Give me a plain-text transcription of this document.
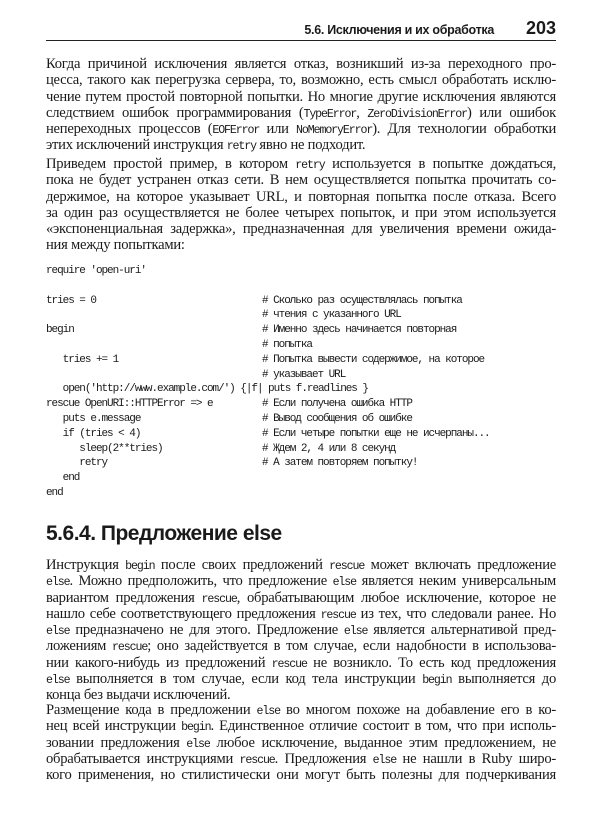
5.6. Исключения и их обработка 203
Когда причиной исключения является отказ, возникший из-за переходного про-
цесса, такого как перегрузка сервера, то, возможно, есть смысл обработать исклю-
чение путем простой повторной попытки. Но многие другие исключения являются
следствием ошибок программирования (TypeError, ZeroDivisionError) или ошибок
непереходных процессов (EOFError или NoMemoryError). Для технологии обработки
этих исключений инструкция retry явно не подходит.
Приведем простой пример, в котором retry используется в попытке дождаться,
пока не будет устранен отказ сети. В нем осуществляется попытка прочитать со-
держимое, на которое указывает URL, и повторная попытка после отказа. Всего
за один раз осуществляется не более четырех попыток, и при этом используется
«экспоненциальная задержка», предназначенная для увеличения времени ожида-
ния между попытками:
require 'open-uri'
tries = 0	# Сколько раз осуществлялась попытка
# чтения с указанного URL
begin	# Именно здесь начинается повторная
# попытка
tries += 1	# Попытка вывести содержимое, на которое
# указывает URL
open('http://www.example.com/') {|f| puts f.readlines }
rescue OpenURI::HTTPError => e	# Если получена ошибка HTTP
puts e.message	# Вывод сообщения об ошибке
if (tries < 4)	# Если четыре попытки еще не исчерпаны...
sleep(2**tries)	# Ждем 2, 4 или 8 секунд
retry	# А затем повторяем попытку!
end
end
5.6.4. Предложение else
Инструкция begin после своих предложений rescue может включать предложение
else. Можно предположить, что предложение else является неким универсальным
вариантом предложения rescue, обрабатывающим любое исключение, которое не
нашло себе соответствующего предложения rescue из тех, что следовали ранее. Но
else предназначено не для этого. Предложение else является альтернативой пред-
ложениям rescue; оно задействуется в том случае, если надобности в использова-
нии какого-нибудь из предложений rescue не возникло. То есть код предложения
else выполняется в том случае, если код тела инструкции begin выполняется до
конца без выдачи исключений.
Размещение кода в предложении else во многом похоже на добавление его в ко-
нец всей инструкции begin. Единственное отличие состоит в том, что при исполь-
зовании предложения else любое исключение, выданное этим предложением, не
обрабатывается инструкциями rescue. Предложения else не нашли в Ruby широ-
кого применения, но стилистически они могут быть полезны для подчеркивания
